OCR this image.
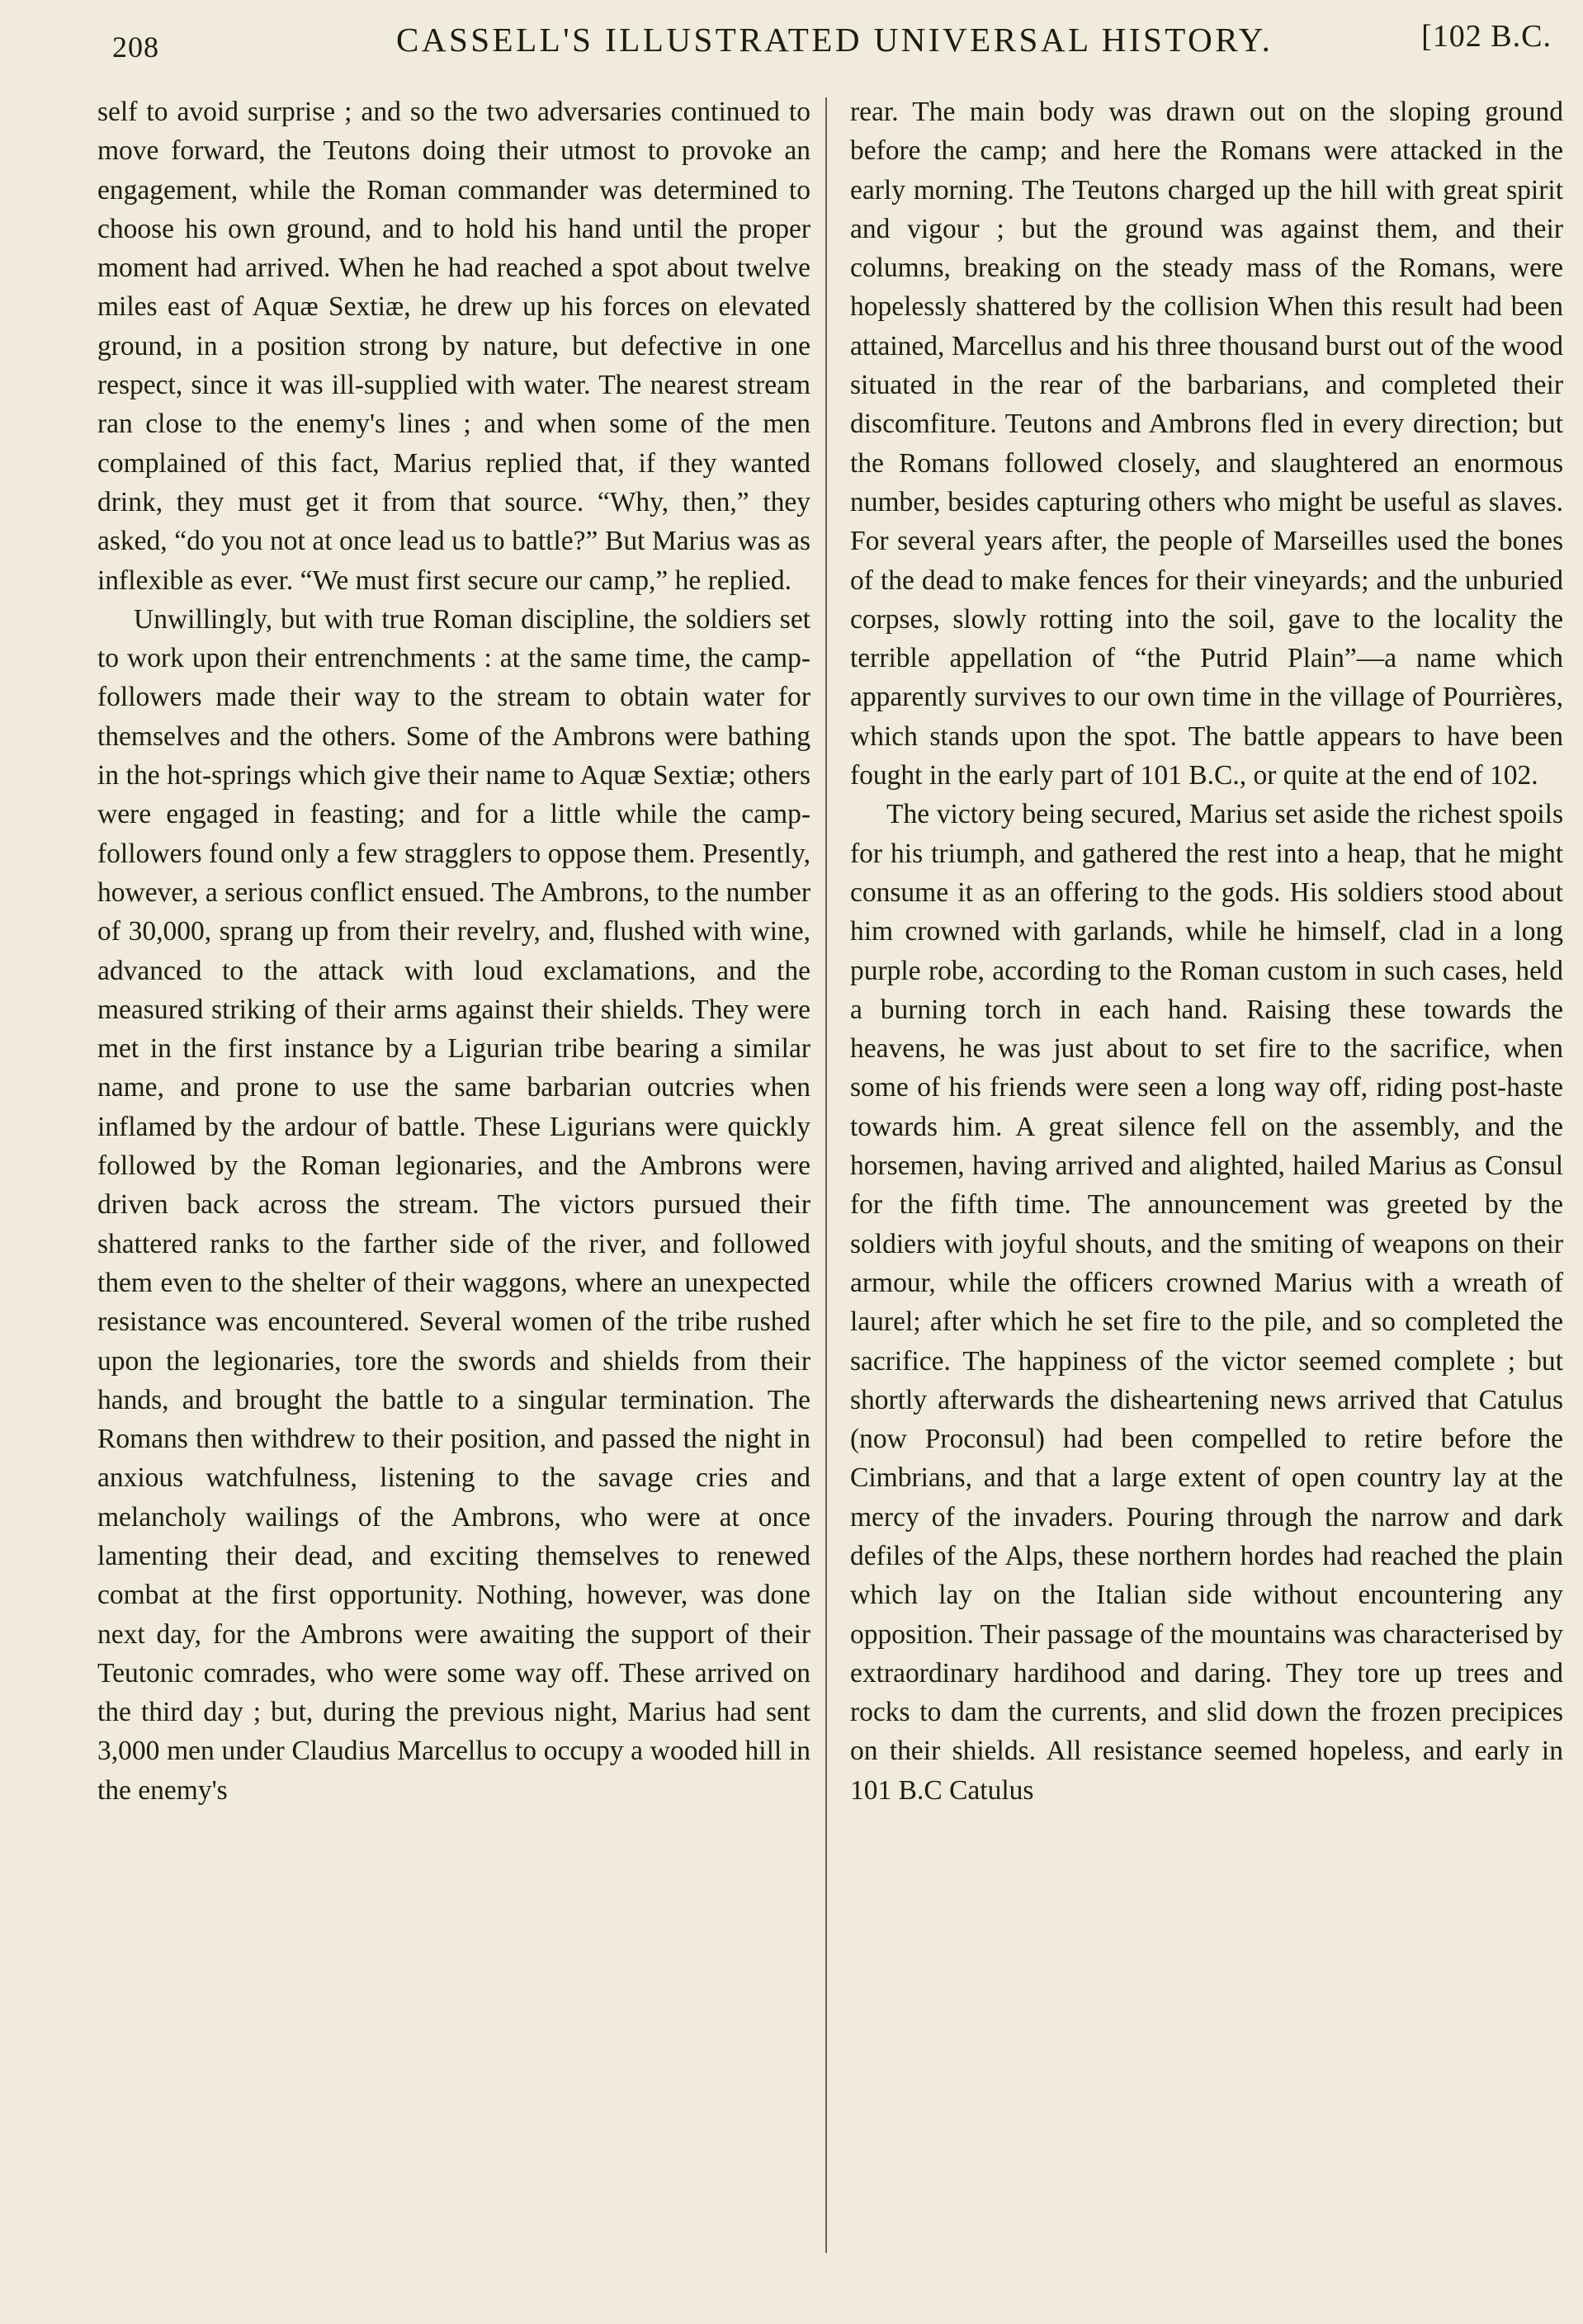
208	CASSELL'S ILLUSTRATED UNIVERSAL HISTORY.	[102 B.C.

self to avoid surprise ; and so the two adversaries continued to move forward, the Teutons doing their utmost to provoke an engagement, while the Roman commander was determined to choose his own ground, and to hold his hand until the proper moment had arrived. When he had reached a spot about twelve miles east of Aquæ Sextiæ, he drew up his forces on elevated ground, in a position strong by nature, but defective in one respect, since it was ill-supplied with water. The nearest stream ran close to the enemy's lines ; and when some of the men complained of this fact, Marius replied that, if they wanted drink, they must get it from that source. “Why, then,” they asked, “do you not at once lead us to battle?” But Marius was as inflexible as ever. “We must first secure our camp,” he replied.

Unwillingly, but with true Roman discipline, the soldiers set to work upon their entrenchments : at the same time, the camp-followers made their way to the stream to obtain water for themselves and the others. Some of the Ambrons were bathing in the hot-springs which give their name to Aquæ Sextiæ; others were engaged in feasting; and for a little while the camp-followers found only a few stragglers to oppose them. Presently, however, a serious conflict ensued. The Ambrons, to the number of 30,000, sprang up from their revelry, and, flushed with wine, advanced to the attack with loud exclamations, and the measured striking of their arms against their shields. They were met in the first instance by a Ligurian tribe bearing a similar name, and prone to use the same barbarian outcries when inflamed by the ardour of battle. These Ligurians were quickly followed by the Roman legionaries, and the Ambrons were driven back across the stream. The victors pursued their shattered ranks to the farther side of the river, and followed them even to the shelter of their waggons, where an unexpected resistance was encountered. Several women of the tribe rushed upon the legionaries, tore the swords and shields from their hands, and brought the battle to a singular termination. The Romans then withdrew to their position, and passed the night in anxious watchfulness, listening to the savage cries and melancholy wailings of the Ambrons, who were at once lamenting their dead, and exciting themselves to renewed combat at the first opportunity. Nothing, however, was done next day, for the Ambrons were awaiting the support of their Teutonic comrades, who were some way off. These arrived on the third day ; but, during the previous night, Marius had sent 3,000 men under Claudius Marcellus to occupy a wooded hill in the enemy's

rear. The main body was drawn out on the sloping ground before the camp; and here the Romans were attacked in the early morning. The Teutons charged up the hill with great spirit and vigour ; but the ground was against them, and their columns, breaking on the steady mass of the Romans, were hopelessly shattered by the collision When this result had been attained, Marcellus and his three thousand burst out of the wood situated in the rear of the barbarians, and completed their discomfiture. Teutons and Ambrons fled in every direction; but the Romans followed closely, and slaughtered an enormous number, besides capturing others who might be useful as slaves. For several years after, the people of Marseilles used the bones of the dead to make fences for their vineyards; and the unburied corpses, slowly rotting into the soil, gave to the locality the terrible appellation of “the Putrid Plain”—a name which apparently survives to our own time in the village of Pourrières, which stands upon the spot. The battle appears to have been fought in the early part of 101 B.C., or quite at the end of 102.

The victory being secured, Marius set aside the richest spoils for his triumph, and gathered the rest into a heap, that he might consume it as an offering to the gods. His soldiers stood about him crowned with garlands, while he himself, clad in a long purple robe, according to the Roman custom in such cases, held a burning torch in each hand. Raising these towards the heavens, he was just about to set fire to the sacrifice, when some of his friends were seen a long way off, riding post-haste towards him. A great silence fell on the assembly, and the horsemen, having arrived and alighted, hailed Marius as Consul for the fifth time. The announcement was greeted by the soldiers with joyful shouts, and the smiting of weapons on their armour, while the officers crowned Marius with a wreath of laurel; after which he set fire to the pile, and so completed the sacrifice. The happiness of the victor seemed complete ; but shortly afterwards the disheartening news arrived that Catulus (now Proconsul) had been compelled to retire before the Cimbrians, and that a large extent of open country lay at the mercy of the invaders. Pouring through the narrow and dark defiles of the Alps, these northern hordes had reached the plain which lay on the Italian side without encountering any opposition. Their passage of the mountains was characterised by extraordinary hardihood and daring. They tore up trees and rocks to dam the currents, and slid down the frozen precipices on their shields. All resistance seemed hopeless, and early in 101 B.C Catulus
